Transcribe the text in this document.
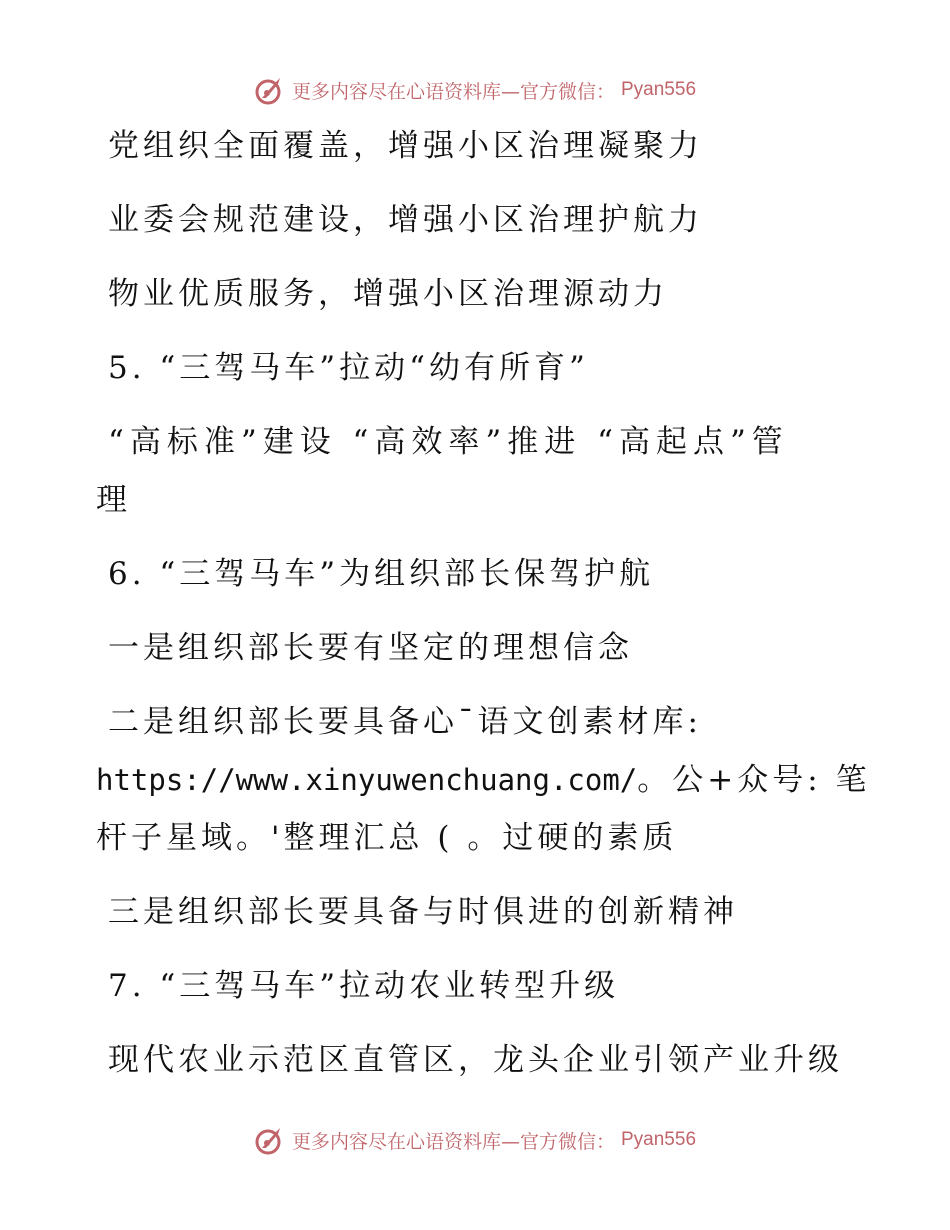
更多内容尽在心语资料库—官方微信： Pyan556
党组织全面覆盖，增强小区治理凝聚力
业委会规范建设，增强小区治理护航力
物业优质服务，增强小区治理源动力
5. “三驾马车”拉动“幼有所育”
“高标准”建设 “高效率”推进 “高起点”管
理
6. “三驾马车”为组织部长保驾护航
一是组织部长要有坚定的理想信念
二是组织部长要具备心¯语文创素材库:
https://www.xinyuwenchuang.com/。公+众号: 笔
杆子星域。'整理汇总 ( 。过硬的素质
三是组织部长要具备与时俱进的创新精神
7. “三驾马车”拉动农业转型升级
现代农业示范区直管区，龙头企业引领产业升级
更多内容尽在心语资料库—官方微信： Pyan556
